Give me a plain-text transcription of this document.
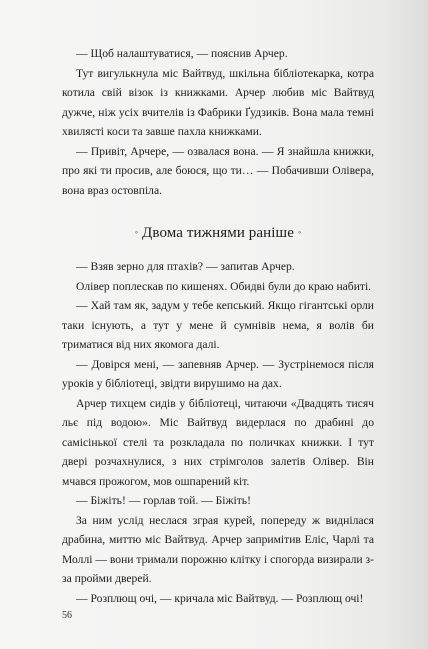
— Щоб налаштуватися, — пояснив Арчер.

Тут вигулькнула міс Вайтвуд, шкільна бібліотекарка, котра котила свій візок із книжками. Арчер любив міс Вайтвуд дужче, ніж усіх вчителів із Фабрики Ґудзиків. Вона мала темні хвилясті коси та завше пахла книжками.

— Привіт, Арчере, — озвалася вона. — Я знайшла книжки, про які ти просив, але боюся, що ти… — Побачивши Олівера, вона враз остовпіла.

◦ Двома тижнями раніше ◦

— Взяв зерно для птахів? — запитав Арчер.

Олівер поплескав по кишенях. Обидві були до краю набиті.

— Хай там як, задум у тебе кепський. Якщо гігантські орли таки існують, а тут у мене й сумнівів нема, я волів би триматися від них якомога далі.

— Довірся мені, — запевняв Арчер. — Зустрінемося після уроків у бібліотеці, звідти вирушимо на дах.

Арчер тихцем сидів у бібліотеці, читаючи «Двадцять тисяч льє під водою». Міс Вайтвуд видерлася по драбині до самісінької стелі та розкладала по поличках книжки. І тут двері розчахнулися, з них стрімголов залетів Олівер. Він мчався прожогом, мов ошпарений кіт.

— Біжіть! — горлав той. — Біжіть!

За ним услід неслася зграя курей, попереду ж виднілася драбина, миттю міс Вайтвуд. Арчер запримітив Еліс, Чарлі та Моллі — вони тримали порожню клітку і спогорда визирали з-за пройми дверей.

— Розплющ очі, — кричала міс Вайтвуд. — Розплющ очі!

56
